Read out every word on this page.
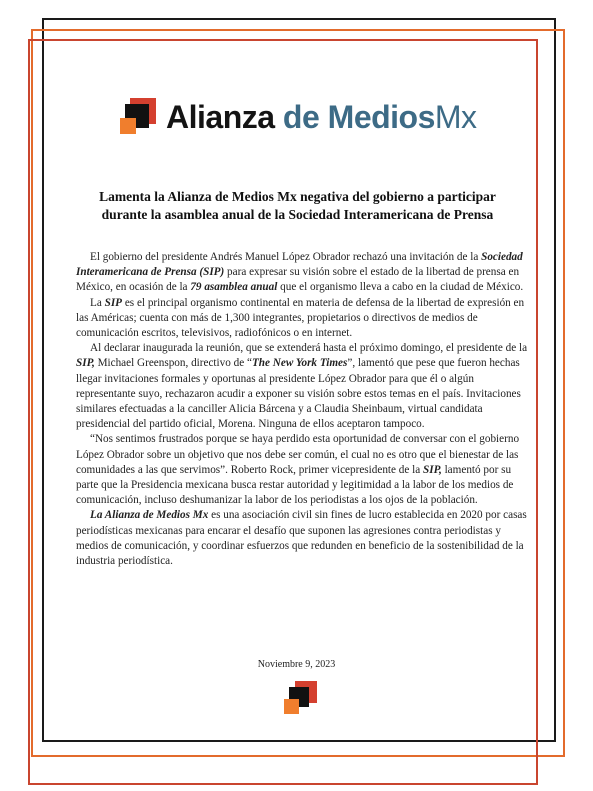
Alianza de MediosMx
Lamenta la Alianza de Medios Mx negativa del gobierno a participar
durante la asamblea anual de la Sociedad Interamericana de Prensa

El gobierno del presidente Andrés Manuel López Obrador rechazó una invitación de la Sociedad Interamericana de Prensa (SIP) para expresar su visión sobre el estado de la libertad de prensa en México, en ocasión de la 79 asamblea anual que el organismo lleva a cabo en la ciudad de México.

La SIP es el principal organismo continental en materia de defensa de la libertad de expresión en las Américas; cuenta con más de 1,300 integrantes, propietarios o directivos de medios de comunicación escritos, televisivos, radiofónicos o en internet.

Al declarar inaugurada la reunión, que se extenderá hasta el próximo domingo, el presidente de la SIP, Michael Greenspon, directivo de “The New York Times”, lamentó que pese que fueron hechas llegar invitaciones formales y oportunas al presidente López Obrador para que él o algún representante suyo, rechazaron acudir a exponer su visión sobre estos temas en el país. Invitaciones similares efectuadas a la canciller Alicia Bárcena y a Claudia Sheinbaum, virtual candidata presidencial del partido oficial, Morena. Ninguna de ellos aceptaron tampoco.

“Nos sentimos frustrados porque se haya perdido esta oportunidad de conversar con el gobierno López Obrador sobre un objetivo que nos debe ser común, el cual no es otro que el bienestar de las comunidades a las que servimos”. Roberto Rock, primer vicepresidente de la SIP, lamentó por su parte que la Presidencia mexicana busca restar autoridad y legitimidad a la labor de los medios de comunicación, incluso deshumanizar la labor de los periodistas a los ojos de la población.

La Alianza de Medios Mx es una asociación civil sin fines de lucro establecida en 2020 por casas periodísticas mexicanas para encarar el desafío que suponen las agresiones contra periodistas y medios de comunicación, y coordinar esfuerzos que redunden en beneficio de la sostenibilidad de la industria periodística.

Noviembre 9, 2023
